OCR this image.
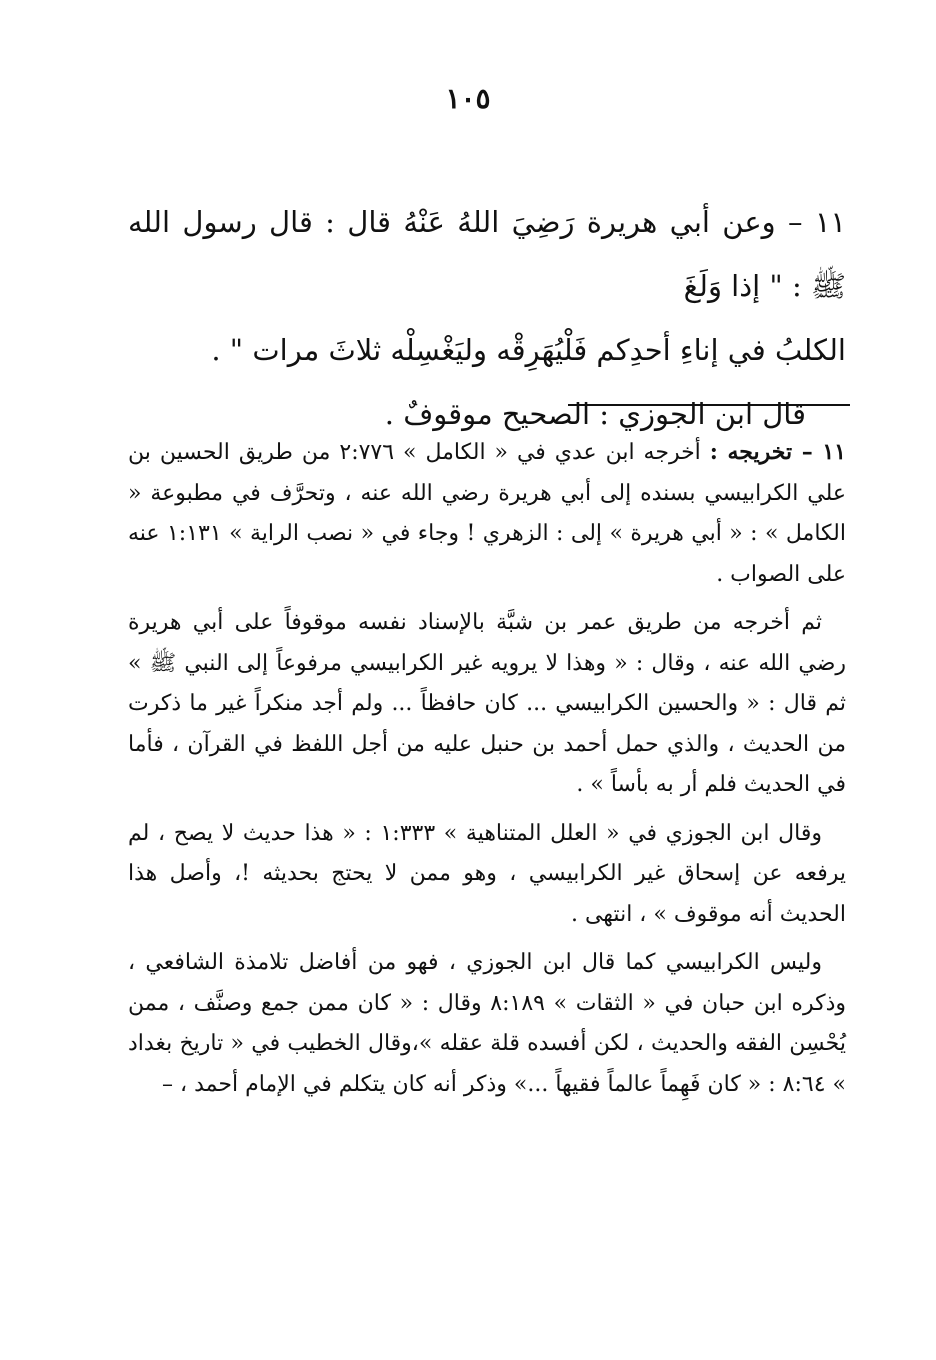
١٠٥

١١ – وعن أبي هريرة رَضِيَ اللهُ عَنْهُ قال : قال رسول الله ﷺ : " إذا وَلَغَ

الكلبُ في إناءِ أحدِكم فَلْيُهَرِقْه وليَغْسِلْه ثلاثَ مرات " .

قال ابن الجوزي : الصحيح موقوفٌ .

١١ – تخريجه : أخرجه ابن عدي في « الكامل » ٢:٧٧٦ من طريق الحسين بن علي الكرابيسي بسنده إلى أبي هريرة رضي الله عنه ، وتحرَّف في مطبوعة « الكامل » : « أبي هريرة » إلى : الزهري ! وجاء في « نصب الراية » ١:١٣١ عنه على الصواب .

ثم أخرجه من طريق عمر بن شبَّة بالإسناد نفسه موقوفاً على أبي هريرة رضي الله عنه ، وقال : « وهذا لا يرويه غير الكرابيسي مرفوعاً إلى النبي ﷺ » ثم قال : « والحسين الكرابيسي ... كان حافظاً ... ولم أجد منكراً غير ما ذكرت من الحديث ، والذي حمل أحمد بن حنبل عليه من أجل اللفظ في القرآن ، فأما في الحديث فلم أر به بأساً » .

وقال ابن الجوزي في « العلل المتناهية » ١:٣٣٣ : « هذا حديث لا يصح ، لم يرفعه عن إسحاق غير الكرابيسي ، وهو ممن لا يحتج بحديثه !، وأصل هذا الحديث أنه موقوف » ، انتهى .

وليس الكرابيسي كما قال ابن الجوزي ، فهو من أفاضل تلامذة الشافعي ، وذكره ابن حبان في « الثقات » ٨:١٨٩ وقال : « كان ممن جمع وصنَّف ، ممن يُحْسِن الفقه والحديث ، لكن أفسده قلة عقله »،وقال الخطيب في « تاريخ بغداد » ٨:٦٤ : « كان فَهِماً عالماً فقيهاً ...» وذكر أنه كان يتكلم في الإمام أحمد ، –
